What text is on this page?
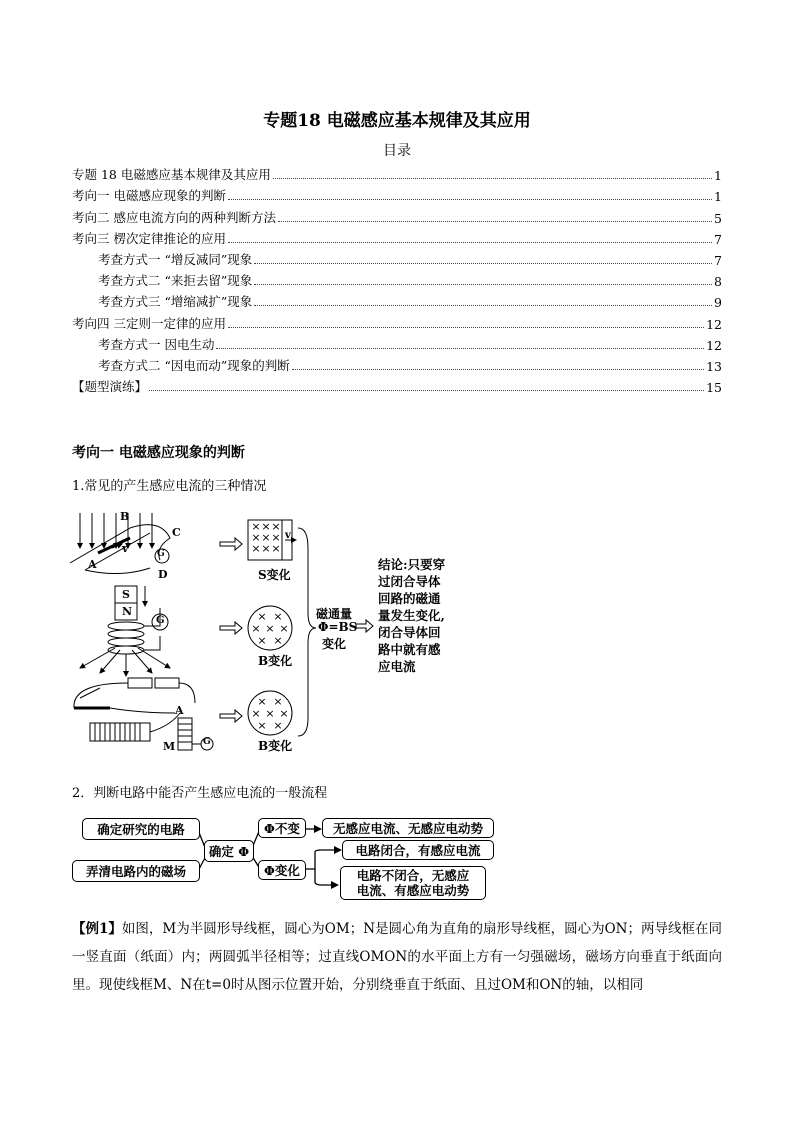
专题18 电磁感应基本规律及其应用
目录
专题 18 电磁感应基本规律及其应用	1
考向一 电磁感应现象的判断	1
考向二 感应电流方向的两种判断方法	5
考向三 楞次定律推论的应用	7
考查方式一 “增反减同”现象	7
考查方式二 “来拒去留”现象	8
考查方式三 “增缩减扩”现象	9
考向四 三定则一定律的应用	12
考查方式一 因电生动	12
考查方式二 “因电而动”现象的判断	13
【题型演练】	15
考向一 电磁感应现象的判断
1.常见的产生感应电流的三种情况
× × ×
× × ×
× × ×
× ×
× × ×
× ×
× ×
× × ×
× ×
B
C
A
D
v	G
S
N
G
A
M	G
v
S变化
B变化
B变化
磁通量
Φ=BS
变化
结论:只要穿过闭合导体回路的磁通量发生变化,闭合导体回路中就有感应电流
2．判断电路中能否产生感应电流的一般流程
确定研究的电路
弄清电路内的磁场
确定 Φ
Φ不变
Φ变化
无感应电流、无感应电动势
电路闭合，有感应电流
电路不闭合，无感应
电流、有感应电动势
【例1】如图，M为半圆形导线框，圆心为OM；N是圆心角为直角的扇形导线框，圆心为ON；两导线框在同一竖直面（纸面）内；两圆弧半径相等；过直线OMON的水平面上方有一匀强磁场，磁场方向垂直于纸面向里。现使线框M、N在t=0时从图示位置开始，分别绕垂直于纸面、且过OM和ON的轴，以相同
